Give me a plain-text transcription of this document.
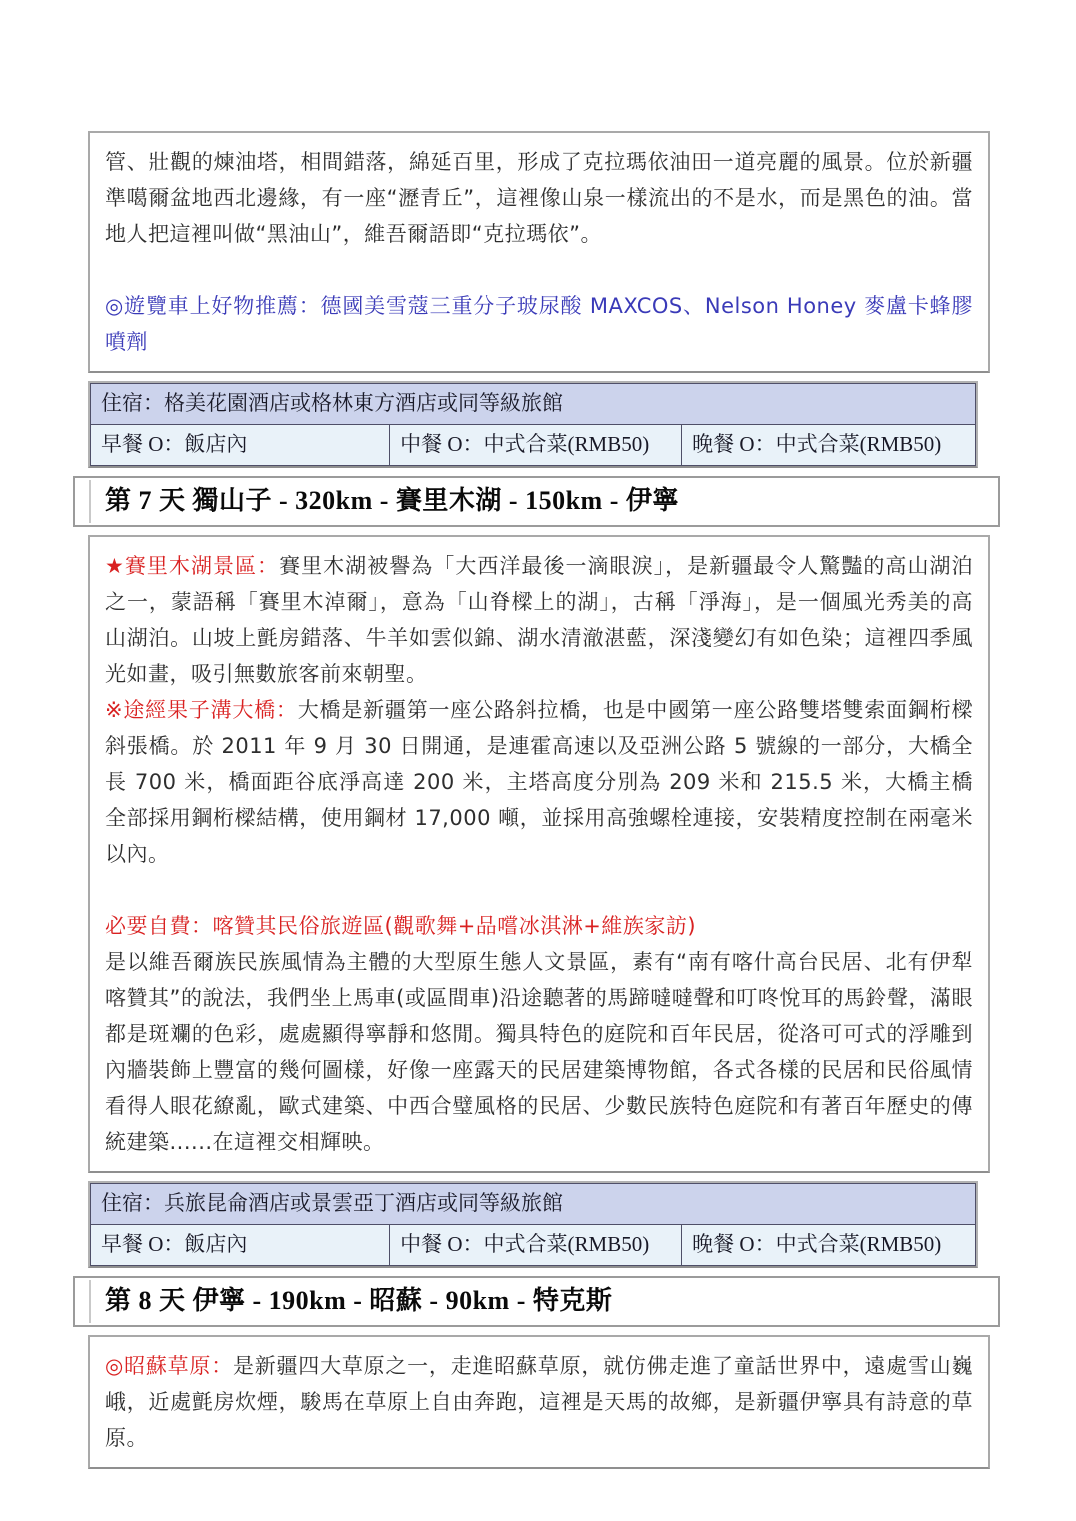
管、壯觀的煉油塔，相間錯落，綿延百里，形成了克拉瑪依油田一道亮麗的風景。位於新疆準噶爾盆地西北邊緣，有一座“瀝青丘”，這裡像山泉一樣流出的不是水，而是黑色的油。當地人把這裡叫做“黑油山”，維吾爾語即“克拉瑪依”。

◎遊覽車上好物推薦：德國美雪蔻三重分子玻尿酸 MAXCOS、Nelson Honey 麥盧卡蜂膠噴劑

住宿：格美花園酒店或格林東方酒店或同等級旅館
早餐 O：飯店內	中餐 O：中式合菜(RMB50)	晚餐 O：中式合菜(RMB50)
第 7 天 獨山子 - 320km - 賽里木湖 - 150km - 伊寧

★賽里木湖景區：賽里木湖被譽為「大西洋最後一滴眼淚」，是新疆最令人驚豔的高山湖泊之一，蒙語稱「賽里木淖爾」，意為「山脊樑上的湖」，古稱「淨海」，是一個風光秀美的高山湖泊。山坡上氈房錯落、牛羊如雲似錦、湖水清澈湛藍，深淺變幻有如色染；這裡四季風光如畫，吸引無數旅客前來朝聖。

※途經果子溝大橋：大橋是新疆第一座公路斜拉橋，也是中國第一座公路雙塔雙索面鋼桁樑斜張橋。於 2011 年 9 月 30 日開通，是連霍高速以及亞洲公路 5 號線的一部分，大橋全長 700 米，橋面距谷底淨高達 200 米，主塔高度分別為 209 米和 215.5 米，大橋主橋全部採用鋼桁樑結構，使用鋼材 17,000 噸，並採用高強螺栓連接，安裝精度控制在兩毫米以內。

必要自費：喀贊其民俗旅遊區(觀歌舞+品嚐冰淇淋+維族家訪)

是以維吾爾族民族風情為主體的大型原生態人文景區，素有“南有喀什高台民居、北有伊犁喀贊其”的說法，我們坐上馬車(或區間車)沿途聽著的馬蹄噠噠聲和叮咚悅耳的馬鈴聲，滿眼都是斑斕的色彩，處處顯得寧靜和悠閒。獨具特色的庭院和百年民居，從洛可可式的浮雕到內牆裝飾上豐富的幾何圖樣，好像一座露天的民居建築博物館，各式各樣的民居和民俗風情看得人眼花繚亂，歐式建築、中西合璧風格的民居、少數民族特色庭院和有著百年歷史的傳統建築......在這裡交相輝映。

住宿：兵旅昆侖酒店或景雲亞丁酒店或同等級旅館
早餐 O：飯店內	中餐 O：中式合菜(RMB50)	晚餐 O：中式合菜(RMB50)
第 8 天 伊寧 - 190km - 昭蘇 - 90km - 特克斯

◎昭蘇草原：是新疆四大草原之一，走進昭蘇草原，就仿佛走進了童話世界中，遠處雪山巍峨，近處氈房炊煙，駿馬在草原上自由奔跑，這裡是天馬的故鄉，是新疆伊寧具有詩意的草原。
